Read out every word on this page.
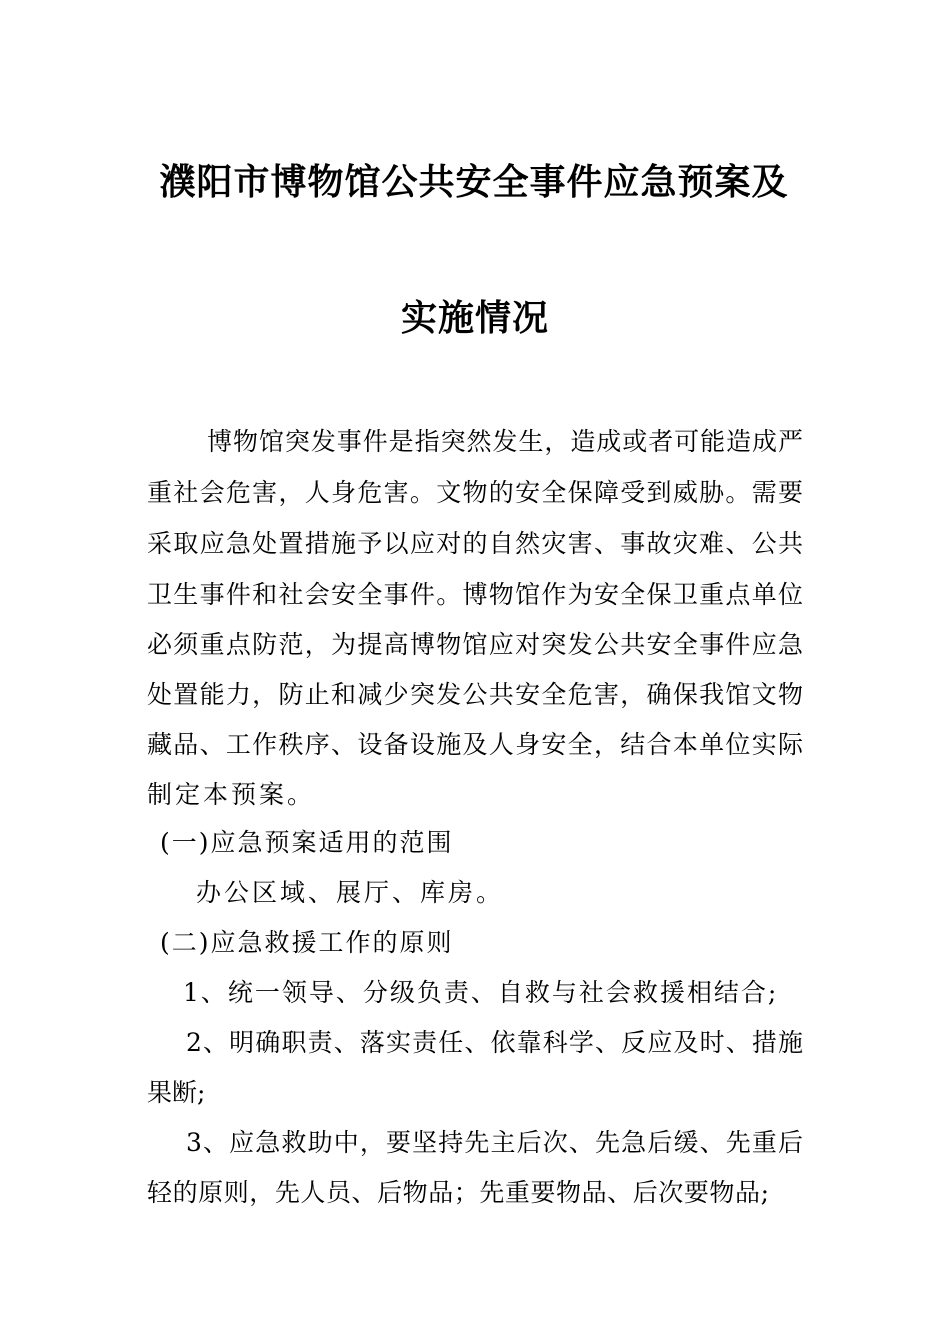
濮阳市博物馆公共安全事件应急预案及
实施情况

博物馆突发事件是指突然发生，造成或者可能造成严

重社会危害，人身危害。文物的安全保障受到威胁。需要

采取应急处置措施予以应对的自然灾害、事故灾难、公共

卫生事件和社会安全事件。博物馆作为安全保卫重点单位

必须重点防范，为提高博物馆应对突发公共安全事件应急

处置能力，防止和减少突发公共安全危害，确保我馆文物

藏品、工作秩序、设备设施及人身安全，结合本单位实际

制定本预案。

(一)应急预案适用的范围

办公区域、展厅、库房。

(二)应急救援工作的原则

1、统一领导、分级负责、自救与社会救援相结合;

2、明确职责、落实责任、依靠科学、反应及时、措施

果断;

3、应急救助中，要坚持先主后次、先急后缓、先重后

轻的原则，先人员、后物品；先重要物品、后次要物品;
